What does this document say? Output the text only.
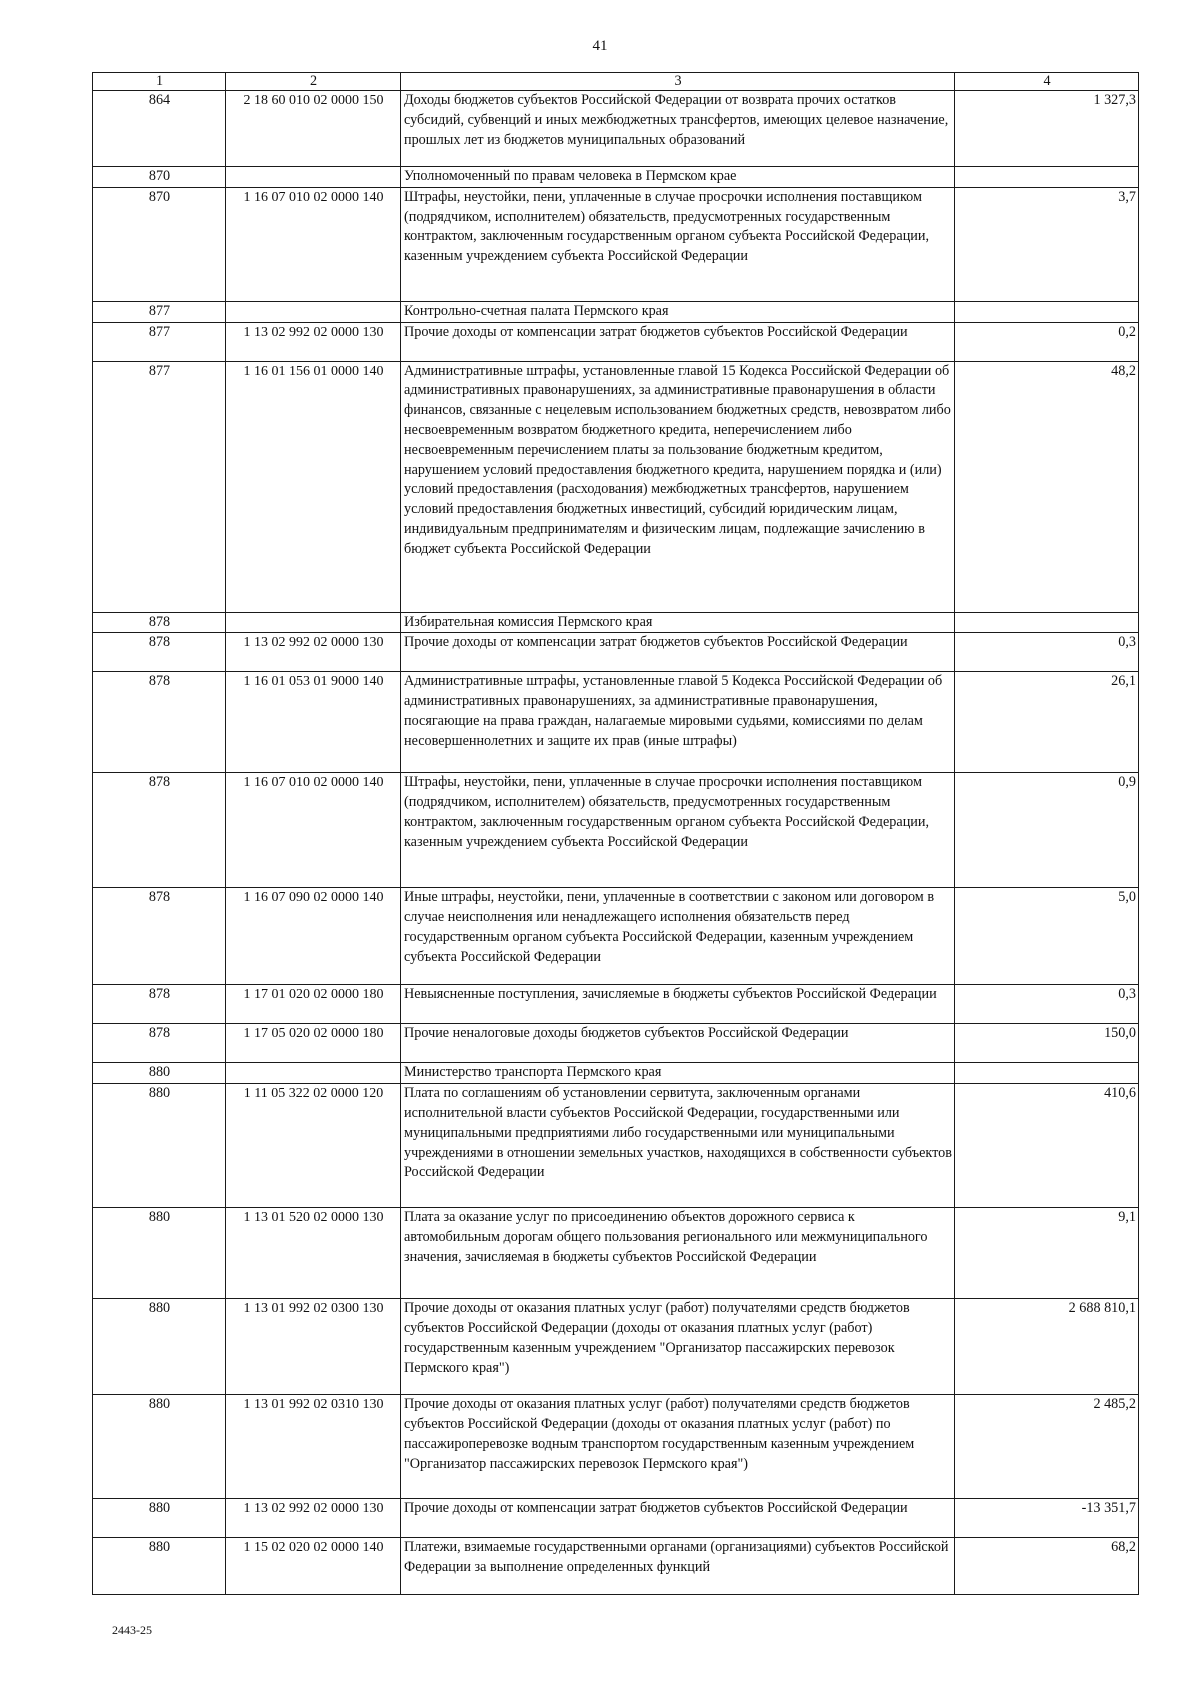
41
1	2	3	4
864	2 18 60 010 02 0000 150	Доходы бюджетов субъектов Российской Федерации от возврата прочих остатков субсидий, субвенций и иных межбюджетных трансфертов, имеющих целевое назначение, прошлых лет из бюджетов муниципальных образований	1 327,3
870		Уполномоченный по правам человека в Пермском крае	
870	1 16 07 010 02 0000 140	Штрафы, неустойки, пени, уплаченные в случае просрочки исполнения поставщиком (подрядчиком, исполнителем) обязательств, предусмотренных государственным контрактом, заключенным государственным органом субъекта Российской Федерации, казенным учреждением субъекта Российской Федерации	3,7
877		Контрольно-счетная палата Пермского края	
877	1 13 02 992 02 0000 130	Прочие доходы от компенсации затрат бюджетов субъектов Российской Федерации	0,2
877	1 16 01 156 01 0000 140	Административные штрафы, установленные главой 15 Кодекса Российской Федерации об административных правонарушениях, за административные правонарушения в области финансов, связанные с нецелевым использованием бюджетных средств, невозвратом либо несвоевременным возвратом бюджетного кредита, неперечислением либо несвоевременным перечислением платы за пользование бюджетным кредитом, нарушением условий предоставления бюджетного кредита, нарушением порядка и (или) условий предоставления (расходования) межбюджетных трансфертов, нарушением условий предоставления бюджетных инвестиций, субсидий юридическим лицам, индивидуальным предпринимателям и физическим лицам, подлежащие зачислению в бюджет субъекта Российской Федерации	48,2
878		Избирательная комиссия Пермского края	
878	1 13 02 992 02 0000 130	Прочие доходы от компенсации затрат бюджетов субъектов Российской Федерации	0,3
878	1 16 01 053 01 9000 140	Административные штрафы, установленные главой 5 Кодекса Российской Федерации об административных правонарушениях, за административные правонарушения, посягающие на права граждан, налагаемые мировыми судьями, комиссиями по делам несовершеннолетних и защите их прав (иные штрафы)	26,1
878	1 16 07 010 02 0000 140	Штрафы, неустойки, пени, уплаченные в случае просрочки исполнения поставщиком (подрядчиком, исполнителем) обязательств, предусмотренных государственным контрактом, заключенным государственным органом субъекта Российской Федерации, казенным учреждением субъекта Российской Федерации	0,9
878	1 16 07 090 02 0000 140	Иные штрафы, неустойки, пени, уплаченные в соответствии с законом или договором в случае неисполнения или ненадлежащего исполнения обязательств перед государственным органом субъекта Российской Федерации, казенным учреждением субъекта Российской Федерации	5,0
878	1 17 01 020 02 0000 180	Невыясненные поступления, зачисляемые в бюджеты субъектов Российской Федерации	0,3
878	1 17 05 020 02 0000 180	Прочие неналоговые доходы бюджетов субъектов Российской Федерации	150,0
880		Министерство транспорта Пермского края	
880	1 11 05 322 02 0000 120	Плата по соглашениям об установлении сервитута, заключенным органами исполнительной власти субъектов Российской Федерации, государственными или муниципальными предприятиями либо государственными или муниципальными учреждениями в отношении земельных участков, находящихся в собственности субъектов Российской Федерации	410,6
880	1 13 01 520 02 0000 130	Плата за оказание услуг по присоединению объектов дорожного сервиса к автомобильным дорогам общего пользования регионального или межмуниципального значения, зачисляемая в бюджеты субъектов Российской Федерации	9,1
880	1 13 01 992 02 0300 130	Прочие доходы от оказания платных услуг (работ) получателями средств бюджетов субъектов Российской Федерации (доходы от оказания платных услуг (работ) государственным казенным учреждением "Организатор пассажирских перевозок Пермского края")	2 688 810,1
880	1 13 01 992 02 0310 130	Прочие доходы от оказания платных услуг (работ) получателями средств бюджетов субъектов Российской Федерации (доходы от оказания платных услуг (работ) по пассажироперевозке водным транспортом государственным казенным учреждением "Организатор пассажирских перевозок Пермского края")	2 485,2
880	1 13 02 992 02 0000 130	Прочие доходы от компенсации затрат бюджетов субъектов Российской Федерации	-13 351,7
880	1 15 02 020 02 0000 140	Платежи, взимаемые государственными органами (организациями) субъектов Российской Федерации за выполнение определенных функций	68,2
2443-25
